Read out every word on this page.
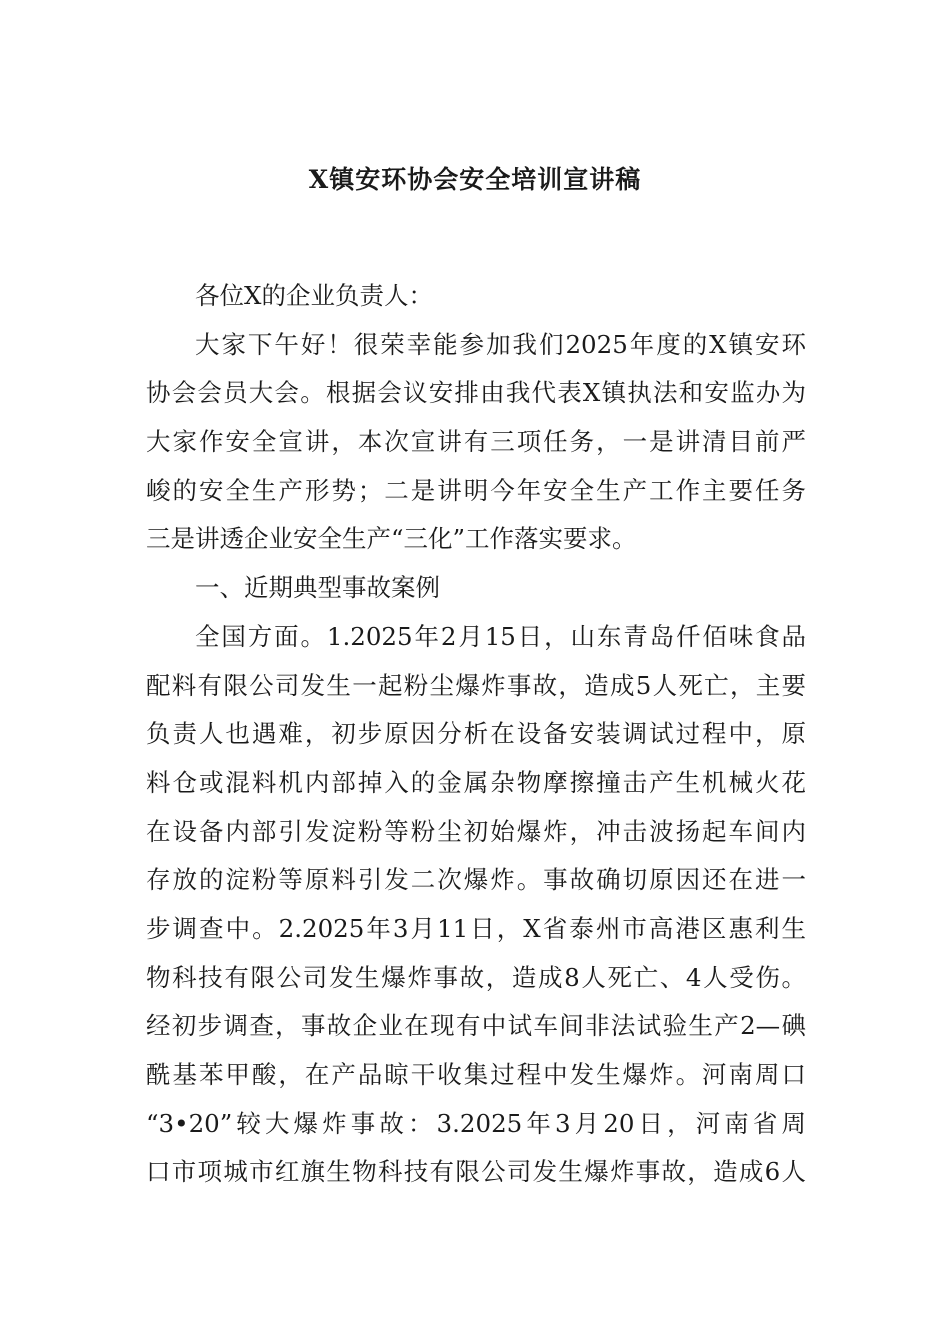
X镇安环协会安全培训宣讲稿
各位X的企业负责人：
大家下午好！很荣幸能参加我们2025年度的X镇安环
协会会员大会。根据会议安排由我代表X镇执法和安监办为
大家作安全宣讲，本次宣讲有三项任务，一是讲清目前严
峻的安全生产形势；二是讲明今年安全生产工作主要任务
三是讲透企业安全生产“三化”工作落实要求。
一、近期典型事故案例
全国方面。1.2025年2月15日，山东青岛仟佰味食品
配料有限公司发生一起粉尘爆炸事故，造成5人死亡，主要
负责人也遇难，初步原因分析在设备安装调试过程中，原
料仓或混料机内部掉入的金属杂物摩擦撞击产生机械火花
在设备内部引发淀粉等粉尘初始爆炸，冲击波扬起车间内
存放的淀粉等原料引发二次爆炸。事故确切原因还在进一
步调查中。2.2025年3月11日，X省泰州市高港区惠利生
物科技有限公司发生爆炸事故，造成8人死亡、4人受伤。
经初步调查，事故企业在现有中试车间非法试验生产2—碘
酰基苯甲酸，在产品晾干收集过程中发生爆炸。河南周口
“3•20”较大爆炸事故：3.2025年3月20日，河南省周
口市项城市红旗生物科技有限公司发生爆炸事故，造成6人
